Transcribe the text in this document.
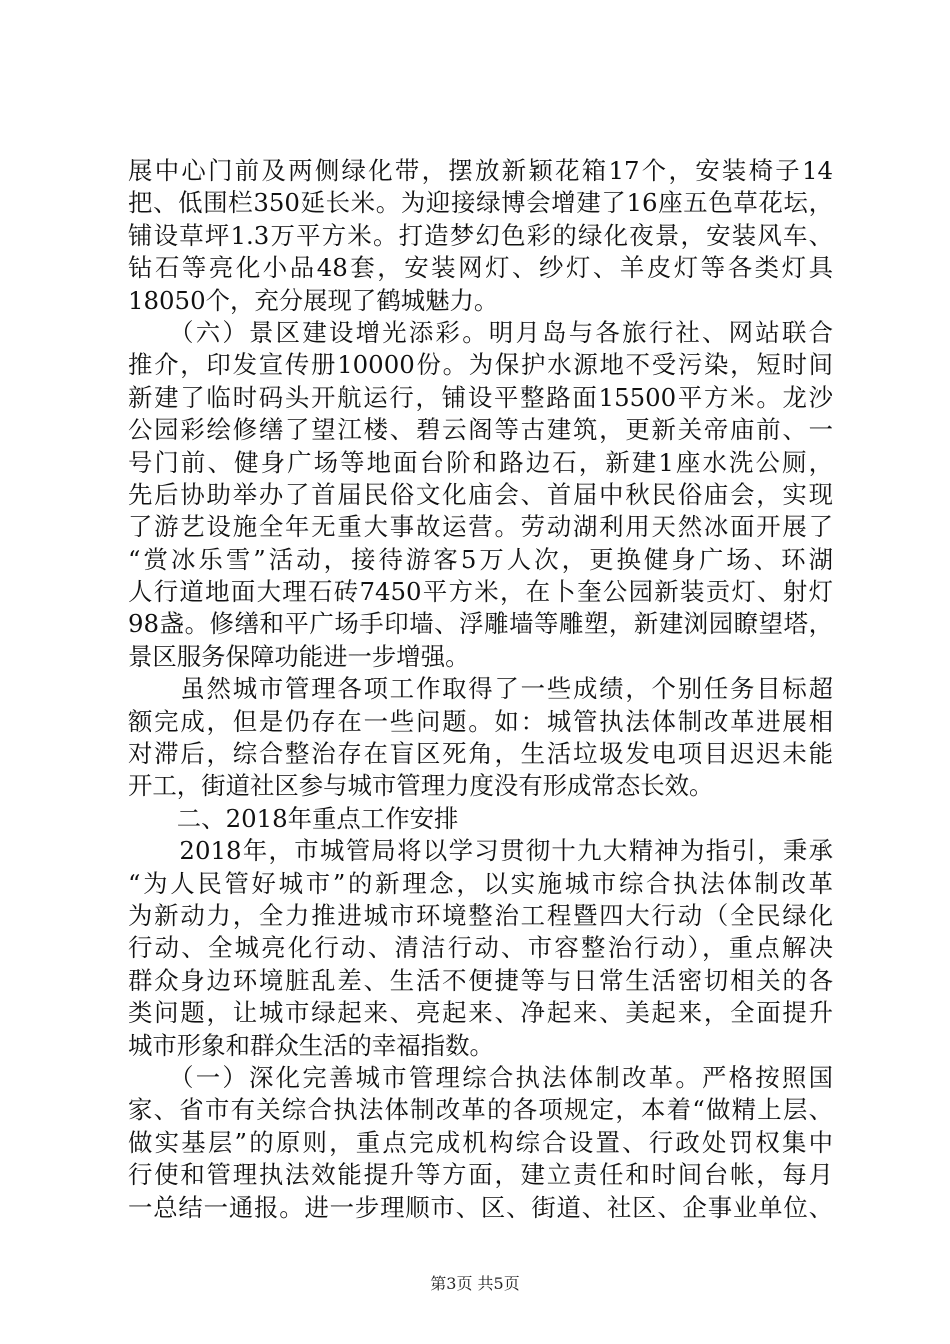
展中心门前及两侧绿化带，摆放新颖花箱17个，安装椅子14
把、低围栏350延长米。为迎接绿博会增建了16座五色草花坛，
铺设草坪1.3万平方米。打造梦幻色彩的绿化夜景，安装风车、
钻石等亮化小品48套，安装网灯、纱灯、羊皮灯等各类灯具
18050个，充分展现了鹤城魅力。
　　（六）景区建设增光添彩。明月岛与各旅行社、网站联合
推介，印发宣传册10000份。为保护水源地不受污染，短时间
新建了临时码头开航运行，铺设平整路面15500平方米。龙沙
公园彩绘修缮了望江楼、碧云阁等古建筑，更新关帝庙前、一
号门前、健身广场等地面台阶和路边石，新建1座水洗公厕，
先后协助举办了首届民俗文化庙会、首届中秋民俗庙会，实现
了游艺设施全年无重大事故运营。劳动湖利用天然冰面开展了
“赏冰乐雪”活动，接待游客5万人次，更换健身广场、环湖
人行道地面大理石砖7450平方米，在卜奎公园新装贡灯、射灯
98盏。修缮和平广场手印墙、浮雕墙等雕塑，新建浏园瞭望塔，
景区服务保障功能进一步增强。
　　虽然城市管理各项工作取得了一些成绩，个别任务目标超
额完成，但是仍存在一些问题。如：城管执法体制改革进展相
对滞后，综合整治存在盲区死角，生活垃圾发电项目迟迟未能
开工，街道社区参与城市管理力度没有形成常态长效。
　　二、2018年重点工作安排
　　2018年，市城管局将以学习贯彻十九大精神为指引，秉承
“为人民管好城市”的新理念，以实施城市综合执法体制改革
为新动力，全力推进城市环境整治工程暨四大行动（全民绿化
行动、全城亮化行动、清洁行动、市容整治行动），重点解决
群众身边环境脏乱差、生活不便捷等与日常生活密切相关的各
类问题，让城市绿起来、亮起来、净起来、美起来，全面提升
城市形象和群众生活的幸福指数。
　　（一）深化完善城市管理综合执法体制改革。严格按照国
家、省市有关综合执法体制改革的各项规定，本着“做精上层、
做实基层”的原则，重点完成机构综合设置、行政处罚权集中
行使和管理执法效能提升等方面，建立责任和时间台帐，每月
一总结一通报。进一步理顺市、区、街道、社区、企事业单位、
第3页 共5页
